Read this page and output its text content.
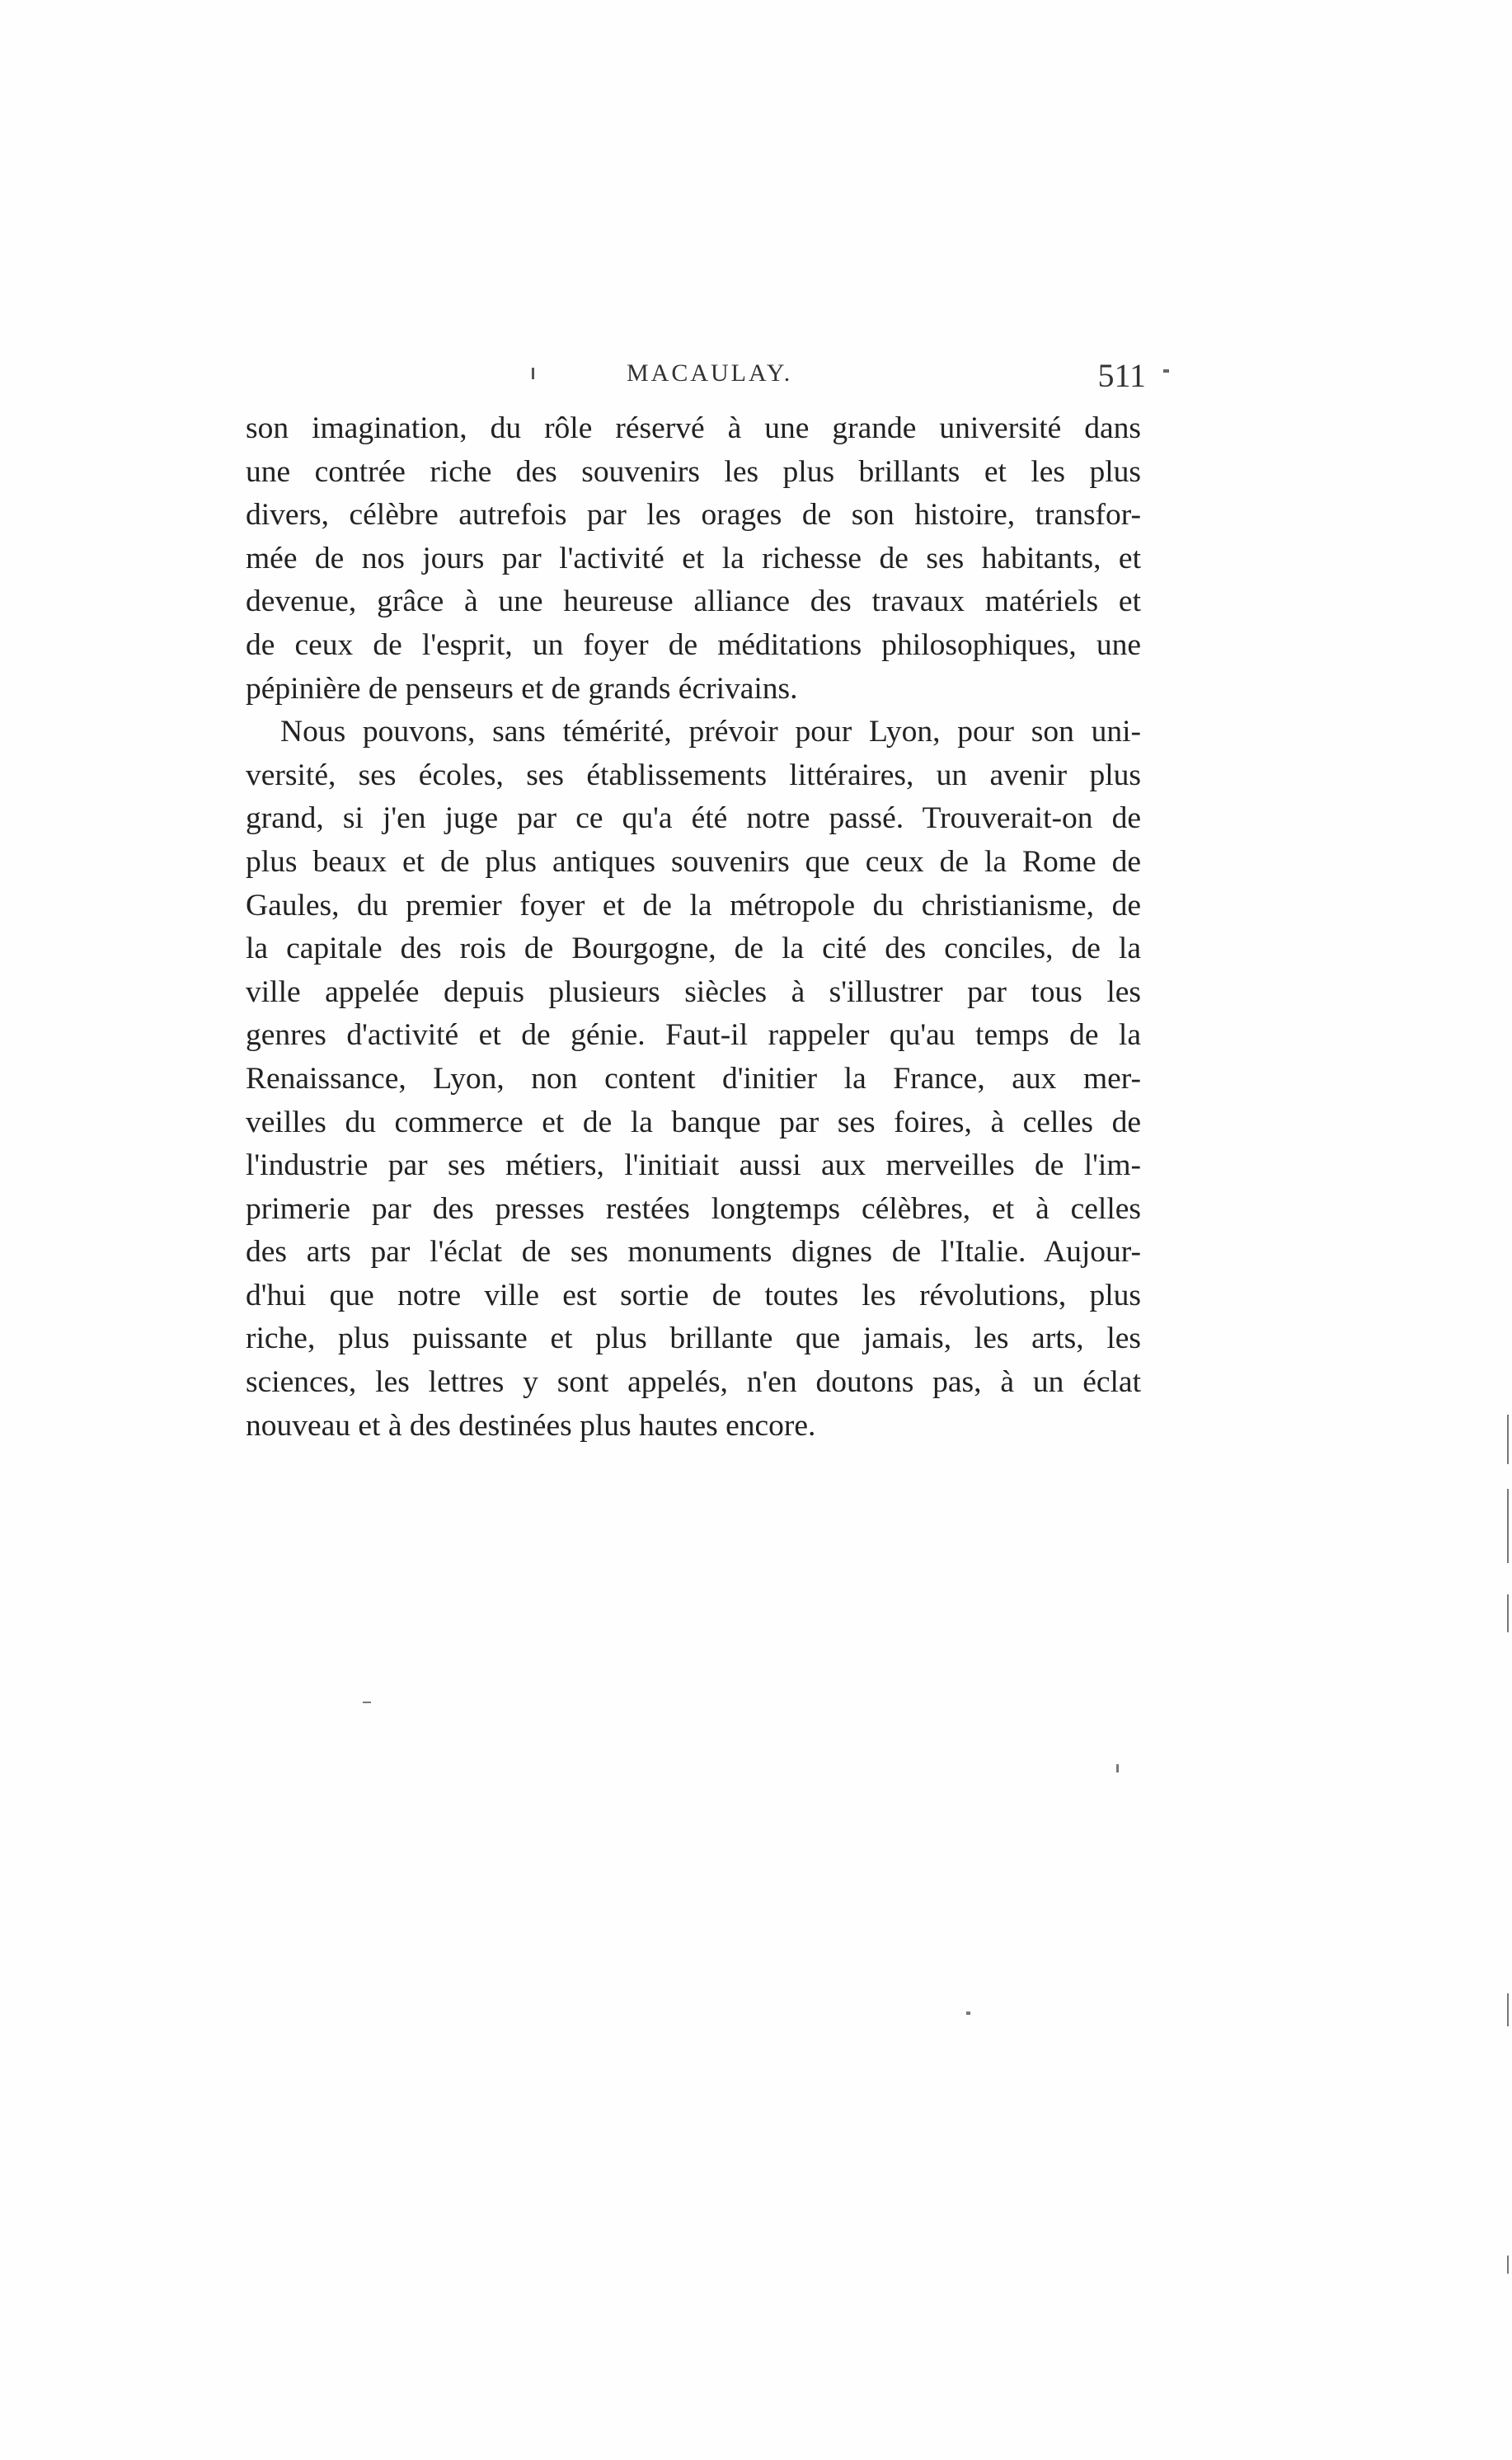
MACAULAY.	511

son imagination, du rôle réservé à une grande université dans
une contrée riche des souvenirs les plus brillants et les plus
divers, célèbre autrefois par les orages de son histoire, transfor-
mée de nos jours par l'activité et la richesse de ses habitants, et
devenue, grâce à une heureuse alliance des travaux matériels et
de ceux de l'esprit, un foyer de méditations philosophiques, une
pépinière de penseurs et de grands écrivains.

Nous pouvons, sans témérité, prévoir pour Lyon, pour son uni-
versité, ses écoles, ses établissements littéraires, un avenir plus
grand, si j'en juge par ce qu'a été notre passé. Trouverait-on de
plus beaux et de plus antiques souvenirs que ceux de la Rome de
Gaules, du premier foyer et de la métropole du christianisme, de
la capitale des rois de Bourgogne, de la cité des conciles, de la
ville appelée depuis plusieurs siècles à s'illustrer par tous les
genres d'activité et de génie. Faut-il rappeler qu'au temps de la
Renaissance, Lyon, non content d'initier la France, aux mer-
veilles du commerce et de la banque par ses foires, à celles de
l'industrie par ses métiers, l'initiait aussi aux merveilles de l'im-
primerie par des presses restées longtemps célèbres, et à celles
des arts par l'éclat de ses monuments dignes de l'Italie. Aujour-
d'hui que notre ville est sortie de toutes les révolutions, plus
riche, plus puissante et plus brillante que jamais, les arts, les
sciences, les lettres y sont appelés, n'en doutons pas, à un éclat
nouveau et à des destinées plus hautes encore.
